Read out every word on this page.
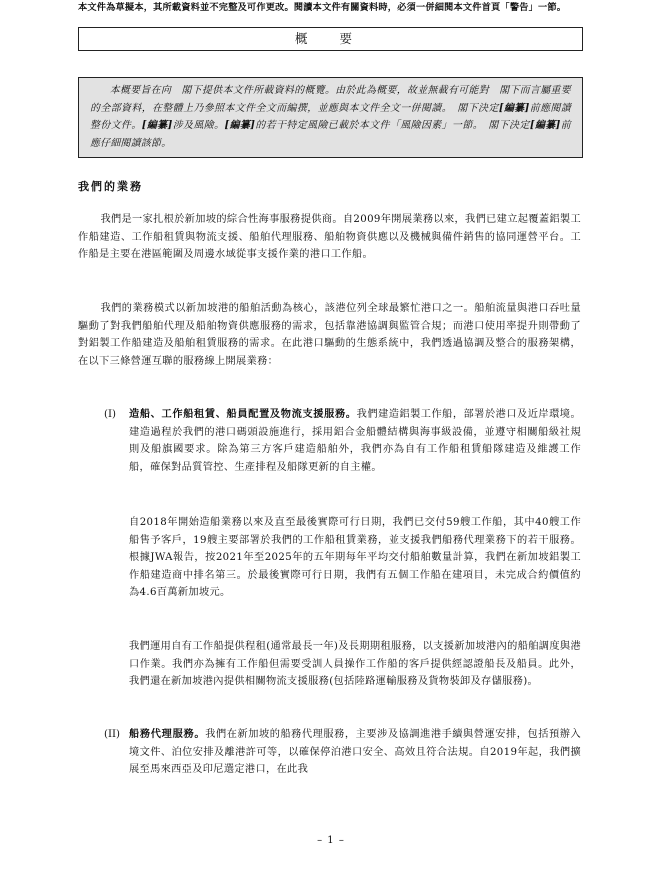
本文件為草擬本，其所載資料並不完整及可作更改。閱讀本文件有關資料時，必須一併細閱本文件首頁「警告」一節。
概 要

本概要旨在向　閣下提供本文件所載資料的概覽。由於此為概要，故並無載有可能對　閣下而言屬重要的全部資料，在整體上乃參照本文件全文而編撰，並應與本文件全文一併閱讀。　閣下決定[編纂]前應閱讀整份文件。[編纂]涉及風險。[編纂]的若干特定風險已載於本文件「風險因素」一節。　閣下決定[編纂]前應仔細閱讀該節。

我們的業務

我們是一家扎根於新加坡的綜合性海事服務提供商。自2009年開展業務以來，我們已建立起覆蓋鋁製工作船建造、工作船租賃與物流支援、船舶代理服務、船舶物資供應以及機械與備件銷售的協同運營平台。工作船是主要在港區範圍及周邊水域從事支援作業的港口工作船。

我們的業務模式以新加坡港的船舶活動為核心，該港位列全球最繁忙港口之一。船舶流量與港口吞吐量驅動了對我們船舶代理及船舶物資供應服務的需求，包括靠港協調與監管合規；而港口使用率提升則帶動了對鋁製工作船建造及船舶租賃服務的需求。在此港口驅動的生態系統中，我們透過協調及整合的服務架構，在以下三條營運互聯的服務線上開展業務：

(I) 造船、工作船租賃、船員配置及物流支援服務。我們建造鋁製工作船，部署於港口及近岸環境。建造過程於我們的港口碼頭設施進行，採用鋁合金船體結構與海事級設備，並遵守相關船級社規則及船旗國要求。除為第三方客戶建造船舶外，我們亦為自有工作船租賃船隊建造及維護工作船，確保對品質管控、生產排程及船隊更新的自主權。

自2018年開始造船業務以來及直至最後實際可行日期，我們已交付59艘工作船，其中40艘工作船售予客戶，19艘主要部署於我們的工作船租賃業務，並支援我們船務代理業務下的若干服務。根據JWA報告，按2021年至2025年的五年期每年平均交付船舶數量計算，我們在新加坡鋁製工作船建造商中排名第三。於最後實際可行日期，我們有五個工作船在建項目，未完成合約價值約為4.6百萬新加坡元。

我們運用自有工作船提供程租(通常最長一年)及長期期租服務，以支援新加坡港內的船舶調度與港口作業。我們亦為擁有工作船但需要受訓人員操作工作船的客戶提供經認證船長及船員。此外，我們還在新加坡港內提供相關物流支援服務(包括陸路運輸服務及貨物裝卸及存儲服務)。

(II) 船務代理服務。我們在新加坡的船務代理服務，主要涉及協調進港手續與營運安排，包括預辦入境文件、泊位安排及離港許可等，以確保停泊港口安全、高效且符合法規。自2019年起，我們擴展至馬來西亞及印尼選定港口，在此我

– 1 –
